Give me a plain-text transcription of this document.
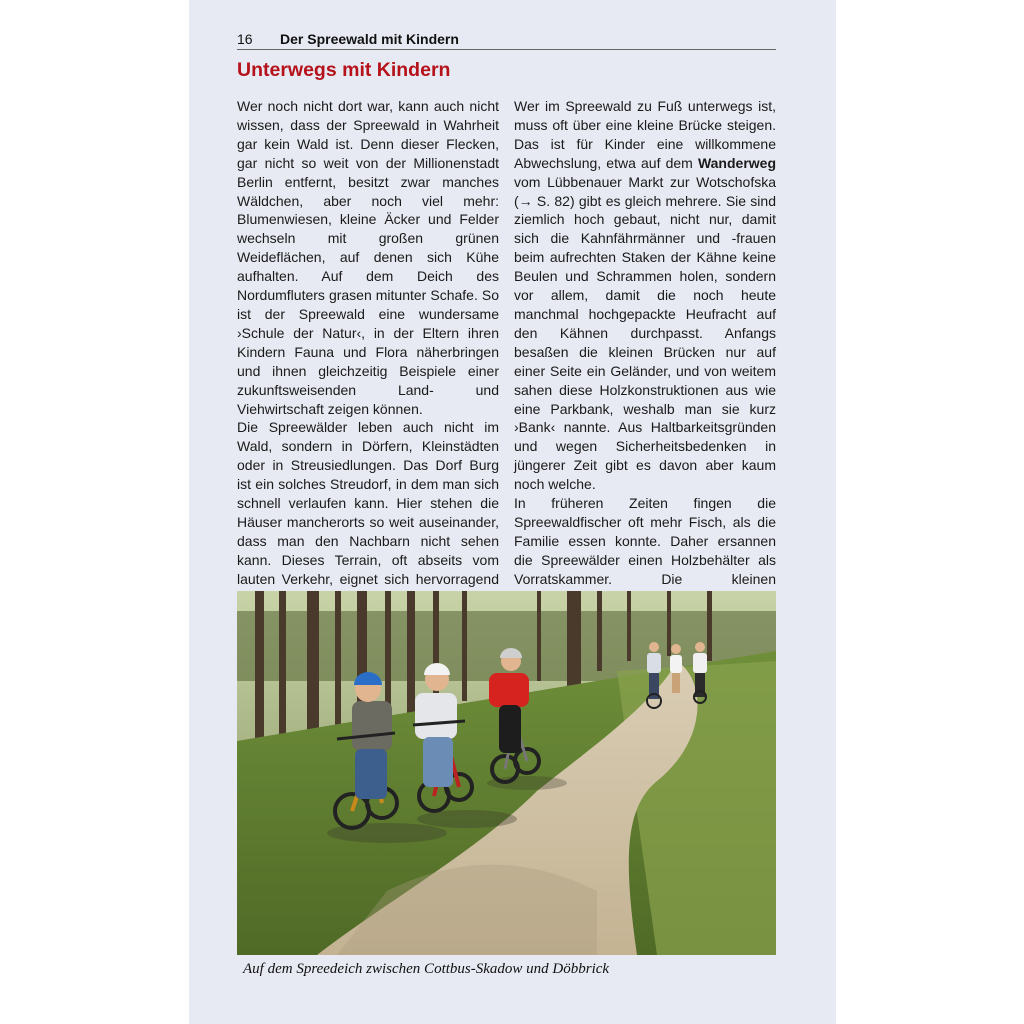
16 Der Spreewald mit Kindern
Unterwegs mit Kindern

Wer noch nicht dort war, kann auch nicht wissen, dass der Spreewald in Wahrheit gar kein Wald ist. Denn dieser Flecken, gar nicht so weit von der Millionenstadt Berlin entfernt, besitzt zwar manches Wäldchen, aber noch viel mehr: Blumenwiesen, kleine Äcker und Felder wechseln mit großen grünen Weideflächen, auf denen sich Kühe aufhalten. Auf dem Deich des Nordumfluters grasen mitunter Schafe. So ist der Spreewald eine wundersame ›Schule der Natur‹, in der Eltern ihren Kindern Fauna und Flora näherbringen und ihnen gleichzeitig Beispiele einer zukunftsweisenden Land- und Viehwirtschaft zeigen können.

Die Spreewälder leben auch nicht im Wald, sondern in Dörfern, Kleinstädten oder in Streusiedlungen. Das Dorf Burg ist ein solches Streudorf, in dem man sich schnell verlaufen kann. Hier stehen die Häuser mancherorts so weit auseinander, dass man den Nachbarn nicht sehen kann. Dieses Terrain, oft abseits vom lauten Verkehr, eignet sich hervorragend

Wer im Spreewald zu Fuß unterwegs ist, muss oft über eine kleine Brücke steigen. Das ist für Kinder eine willkommene Abwechslung, etwa auf dem Wanderweg vom Lübbenauer Markt zur Wotschofska (→ S. 82) gibt es gleich mehrere. Sie sind ziemlich hoch gebaut, nicht nur, damit sich die Kahnfährmänner und -frauen beim aufrechten Staken der Kähne keine Beulen und Schrammen holen, sondern vor allem, damit die noch heute manchmal hochgepackte Heufracht auf den Kähnen durchpasst. Anfangs besaßen die kleinen Brücken nur auf einer Seite ein Geländer, und von weitem sahen diese Holzkonstruktionen aus wie eine Parkbank, weshalb man sie kurz ›Bank‹ nannte. Aus Haltbarkeitsgründen und wegen Sicherheitsbedenken in jüngerer Zeit gibt es davon aber kaum noch welche.

In früheren Zeiten fingen die Spreewaldfischer oft mehr Fisch, als die Familie essen konnte. Daher ersannen die Spreewälder einen Holzbehälter als Vorratskammer. Die kleinen

Auf dem Spreedeich zwischen Cottbus-Skadow und Döbbrick
